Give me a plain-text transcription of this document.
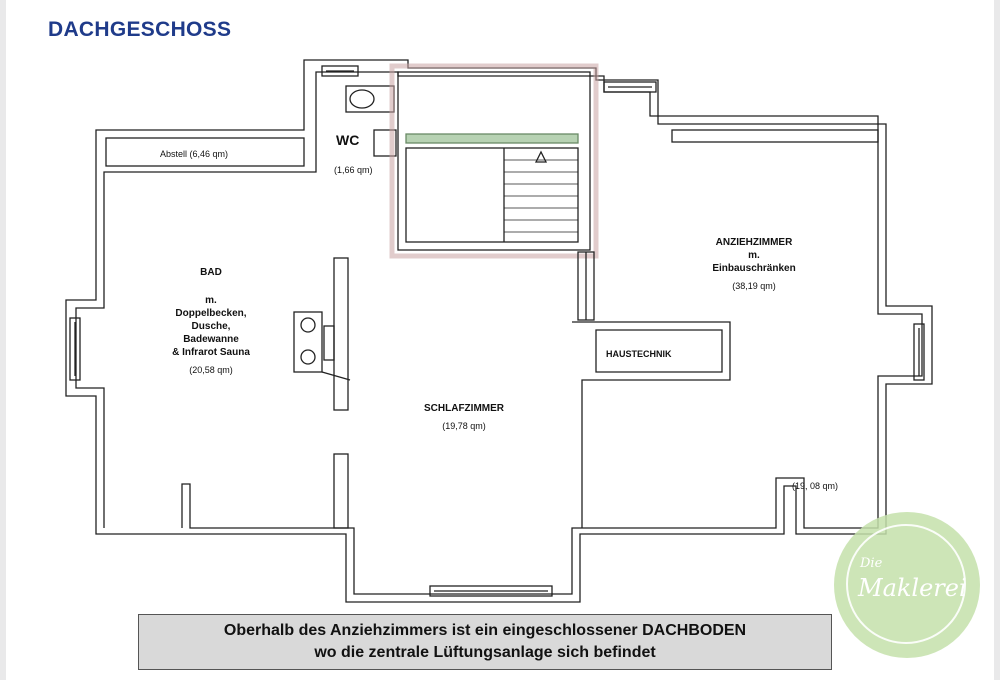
DACHGESCHOSS
Abstell (6,46 qm)
WC
(1,66 qm)
BAD
m.
Doppelbecken,
Dusche,
Badewanne
& Infrarot Sauna
(20,58 qm)
SCHLAFZIMMER
(19,78 qm)
ANZIEHZIMMER
m.
Einbauschränken
(38,19 qm)
HAUSTECHNIK
(19, 08 qm)
Oberhalb des Anziehzimmers ist ein eingeschlossener DACHBODEN
wo die zentrale Lüftungsanlage sich befindet
Die
Maklerei
